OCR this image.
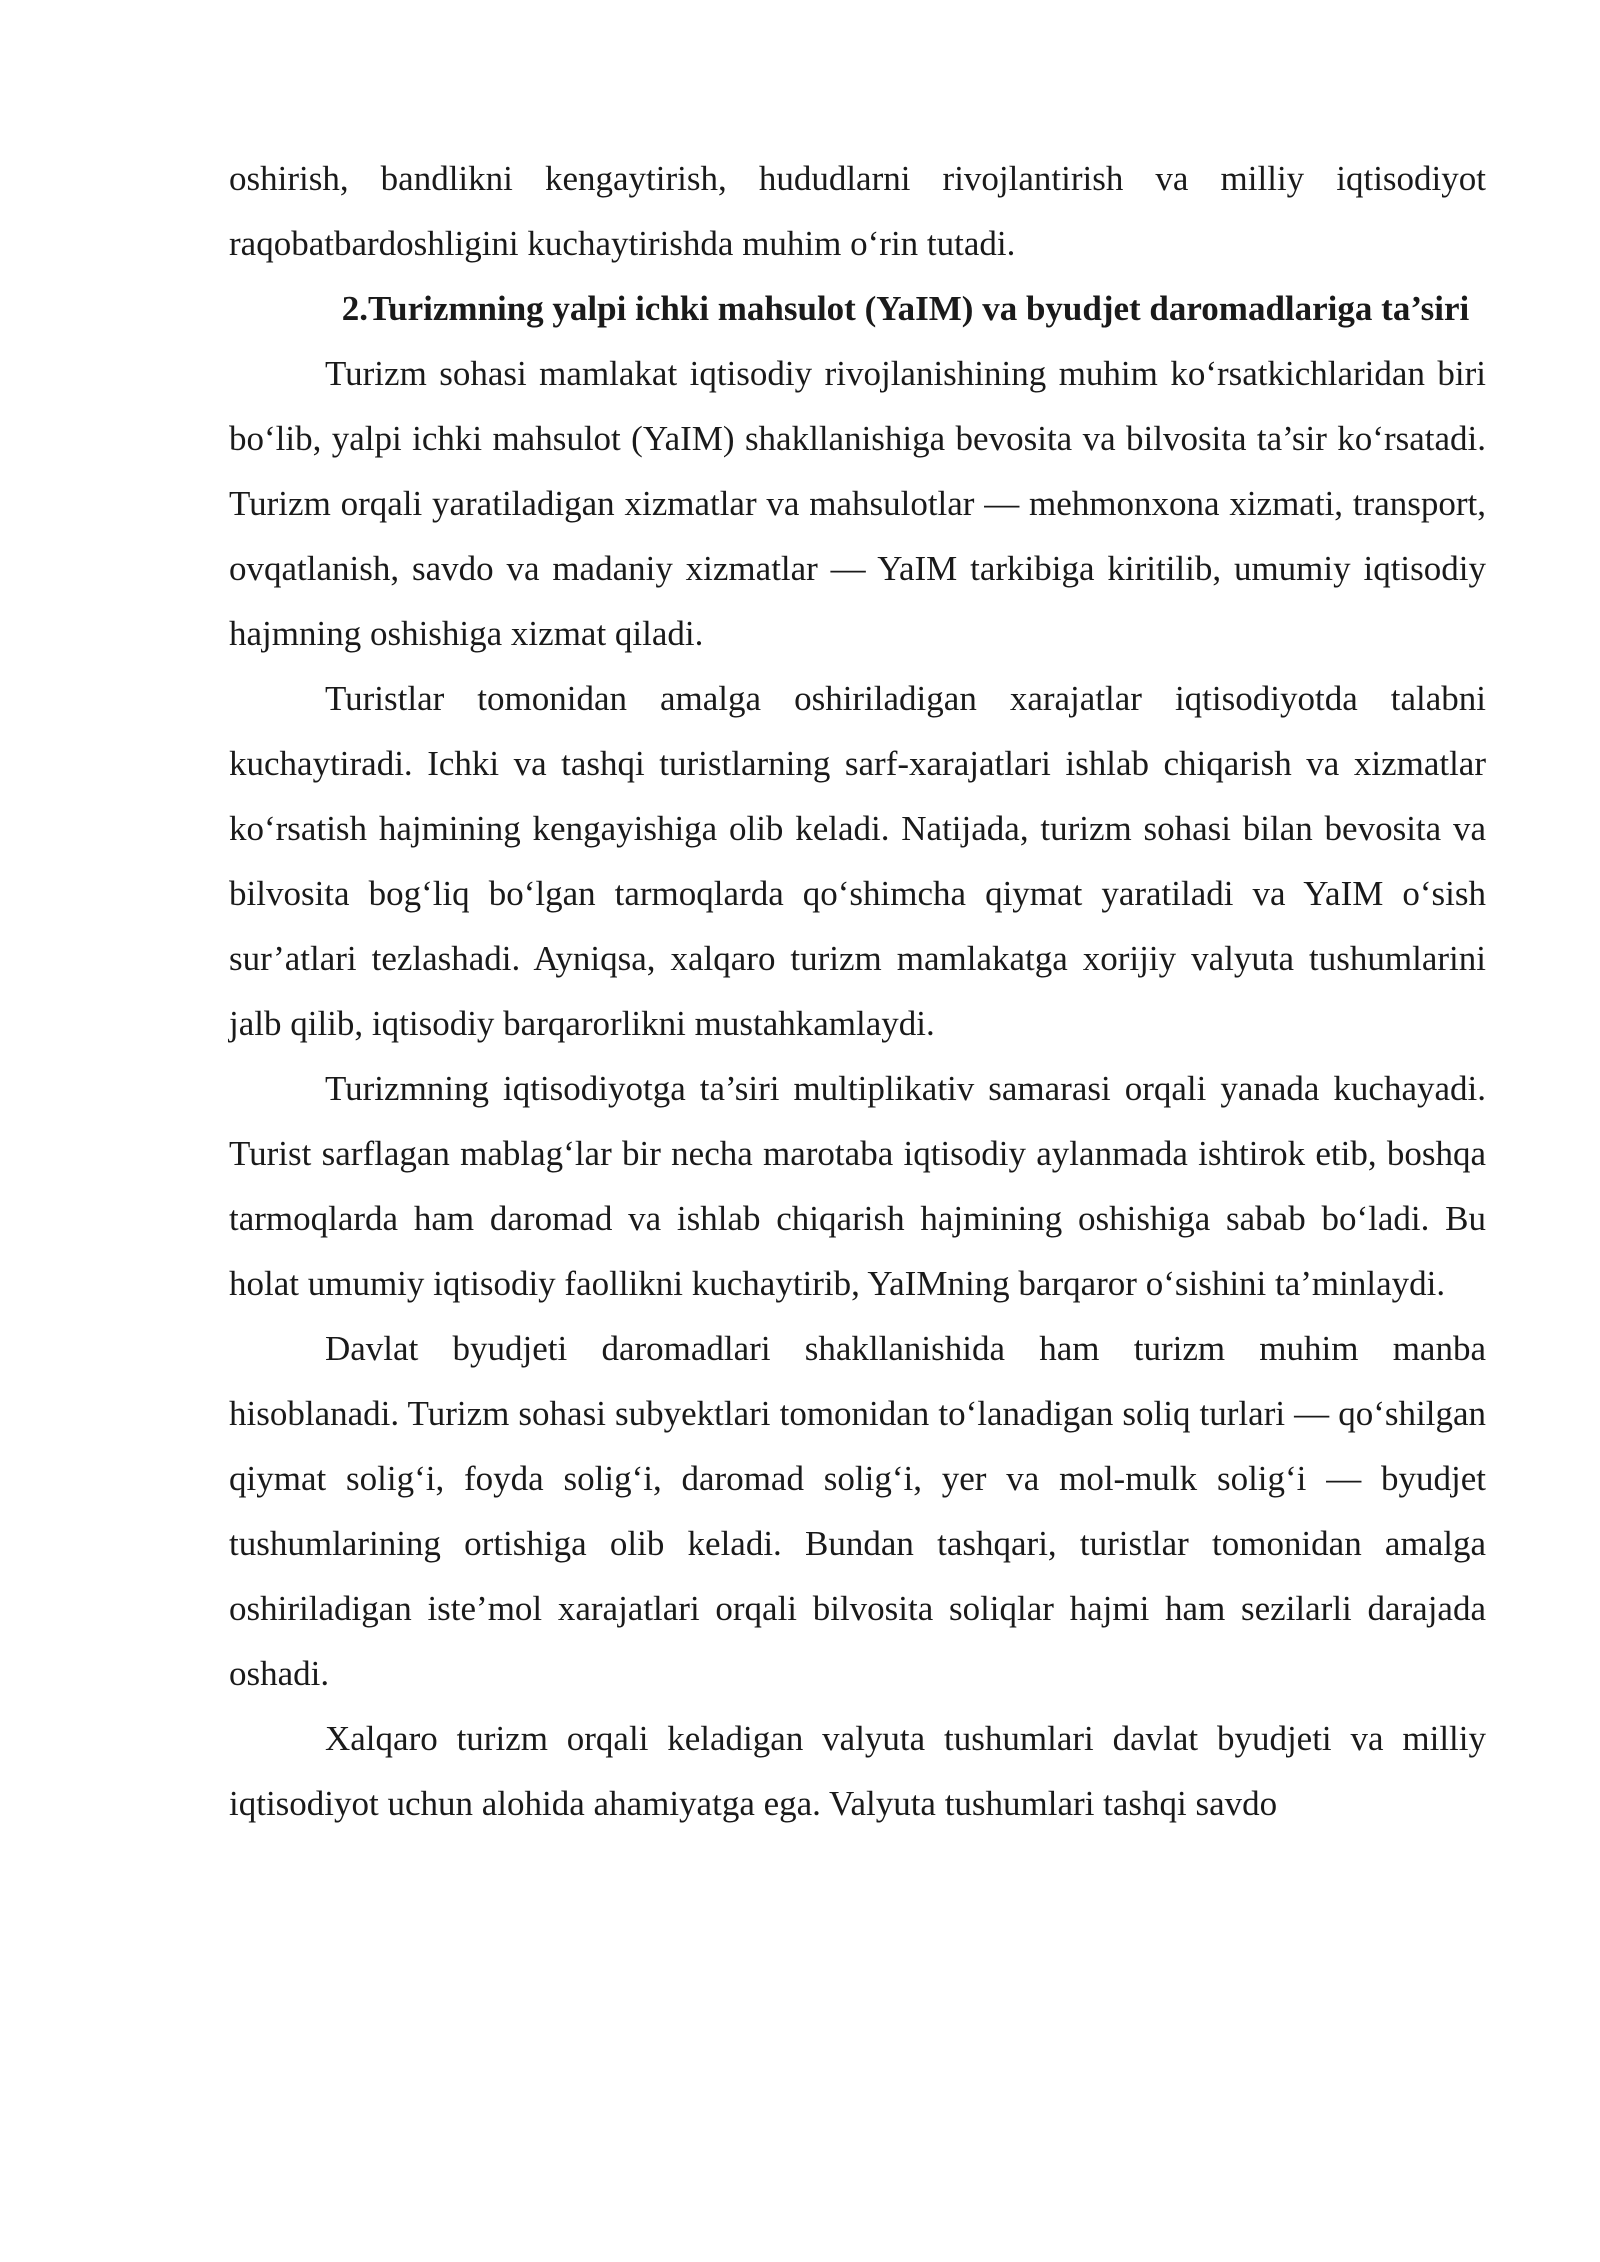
oshirish, bandlikni kengaytirish, hududlarni rivojlantirish va milliy iqtisodiyot raqobatbardoshligini kuchaytirishda muhim o‘rin tutadi.

2.Turizmning yalpi ichki mahsulot (YaIM) va byudjet daromadlariga ta’siri

Turizm sohasi mamlakat iqtisodiy rivojlanishining muhim ko‘rsatkichlaridan biri bo‘lib, yalpi ichki mahsulot (YaIM) shakllanishiga bevosita va bilvosita ta’sir ko‘rsatadi. Turizm orqali yaratiladigan xizmatlar va mahsulotlar — mehmonxona xizmati, transport, ovqatlanish, savdo va madaniy xizmatlar — YaIM tarkibiga kiritilib, umumiy iqtisodiy hajmning oshishiga xizmat qiladi.

Turistlar tomonidan amalga oshiriladigan xarajatlar iqtisodiyotda talabni kuchaytiradi. Ichki va tashqi turistlarning sarf-xarajatlari ishlab chiqarish va xizmatlar ko‘rsatish hajmining kengayishiga olib keladi. Natijada, turizm sohasi bilan bevosita va bilvosita bog‘liq bo‘lgan tarmoqlarda qo‘shimcha qiymat yaratiladi va YaIM o‘sish sur’atlari tezlashadi. Ayniqsa, xalqaro turizm mamlakatga xorijiy valyuta tushumlarini jalb qilib, iqtisodiy barqarorlikni mustahkamlaydi.

Turizmning iqtisodiyotga ta’siri multiplikativ samarasi orqali yanada kuchayadi. Turist sarflagan mablag‘lar bir necha marotaba iqtisodiy aylanmada ishtirok etib, boshqa tarmoqlarda ham daromad va ishlab chiqarish hajmining oshishiga sabab bo‘ladi. Bu holat umumiy iqtisodiy faollikni kuchaytirib, YaIMning barqaror o‘sishini ta’minlaydi.

Davlat byudjeti daromadlari shakllanishida ham turizm muhim manba hisoblanadi. Turizm sohasi subyektlari tomonidan to‘lanadigan soliq turlari — qo‘shilgan qiymat solig‘i, foyda solig‘i, daromad solig‘i, yer va mol-mulk solig‘i — byudjet tushumlarining ortishiga olib keladi. Bundan tashqari, turistlar tomonidan amalga oshiriladigan iste’mol xarajatlari orqali bilvosita soliqlar hajmi ham sezilarli darajada oshadi.

Xalqaro turizm orqali keladigan valyuta tushumlari davlat byudjeti va milliy iqtisodiyot uchun alohida ahamiyatga ega. Valyuta tushumlari tashqi savdo
